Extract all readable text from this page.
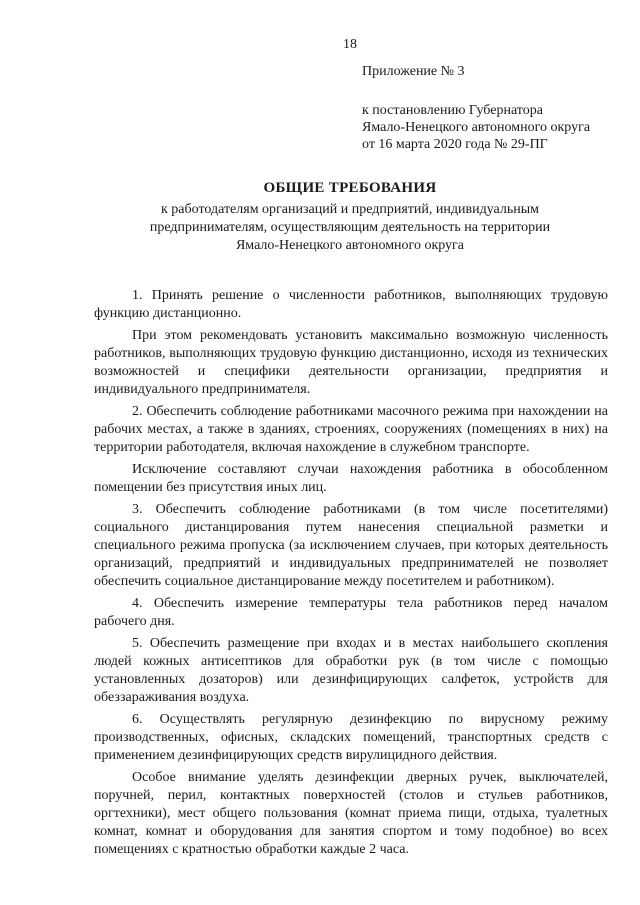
18
Приложение № 3
к постановлению Губернатора
Ямало-Ненецкого автономного округа
от 16 марта 2020 года № 29-ПГ
ОБЩИЕ ТРЕБОВАНИЯ
к работодателям организаций и предприятий, индивидуальным
предпринимателям, осуществляющим деятельность на территории
Ямало-Ненецкого автономного округа

1. Принять решение о численности работников, выполняющих трудовую функцию дистанционно.

При этом рекомендовать установить максимально возможную численность работников, выполняющих трудовую функцию дистанционно, исходя из технических возможностей и специфики деятельности организации, предприятия и индивидуального предпринимателя.

2. Обеспечить соблюдение работниками масочного режима при нахождении на рабочих местах, а также в зданиях, строениях, сооружениях (помещениях в них) на территории работодателя, включая нахождение в служебном транспорте.

Исключение составляют случаи нахождения работника в обособленном помещении без присутствия иных лиц.

3. Обеспечить соблюдение работниками (в том числе посетителями) социального дистанцирования путем нанесения специальной разметки и специального режима пропуска (за исключением случаев, при которых деятельность организаций, предприятий и индивидуальных предпринимателей не позволяет обеспечить социальное дистанцирование между посетителем и работником).

4. Обеспечить измерение температуры тела работников перед началом рабочего дня.

5. Обеспечить размещение при входах и в местах наибольшего скопления людей кожных антисептиков для обработки рук (в том числе с помощью установленных дозаторов) или дезинфицирующих салфеток, устройств для обеззараживания воздуха.

6. Осуществлять регулярную дезинфекцию по вирусному режиму производственных, офисных, складских помещений, транспортных средств с применением дезинфицирующих средств вирулицидного действия.

Особое внимание уделять дезинфекции дверных ручек, выключателей, поручней, перил, контактных поверхностей (столов и стульев работников, оргтехники), мест общего пользования (комнат приема пищи, отдыха, туалетных комнат, комнат и оборудования для занятия спортом и тому подобное) во всех помещениях с кратностью обработки каждые 2 часа.
